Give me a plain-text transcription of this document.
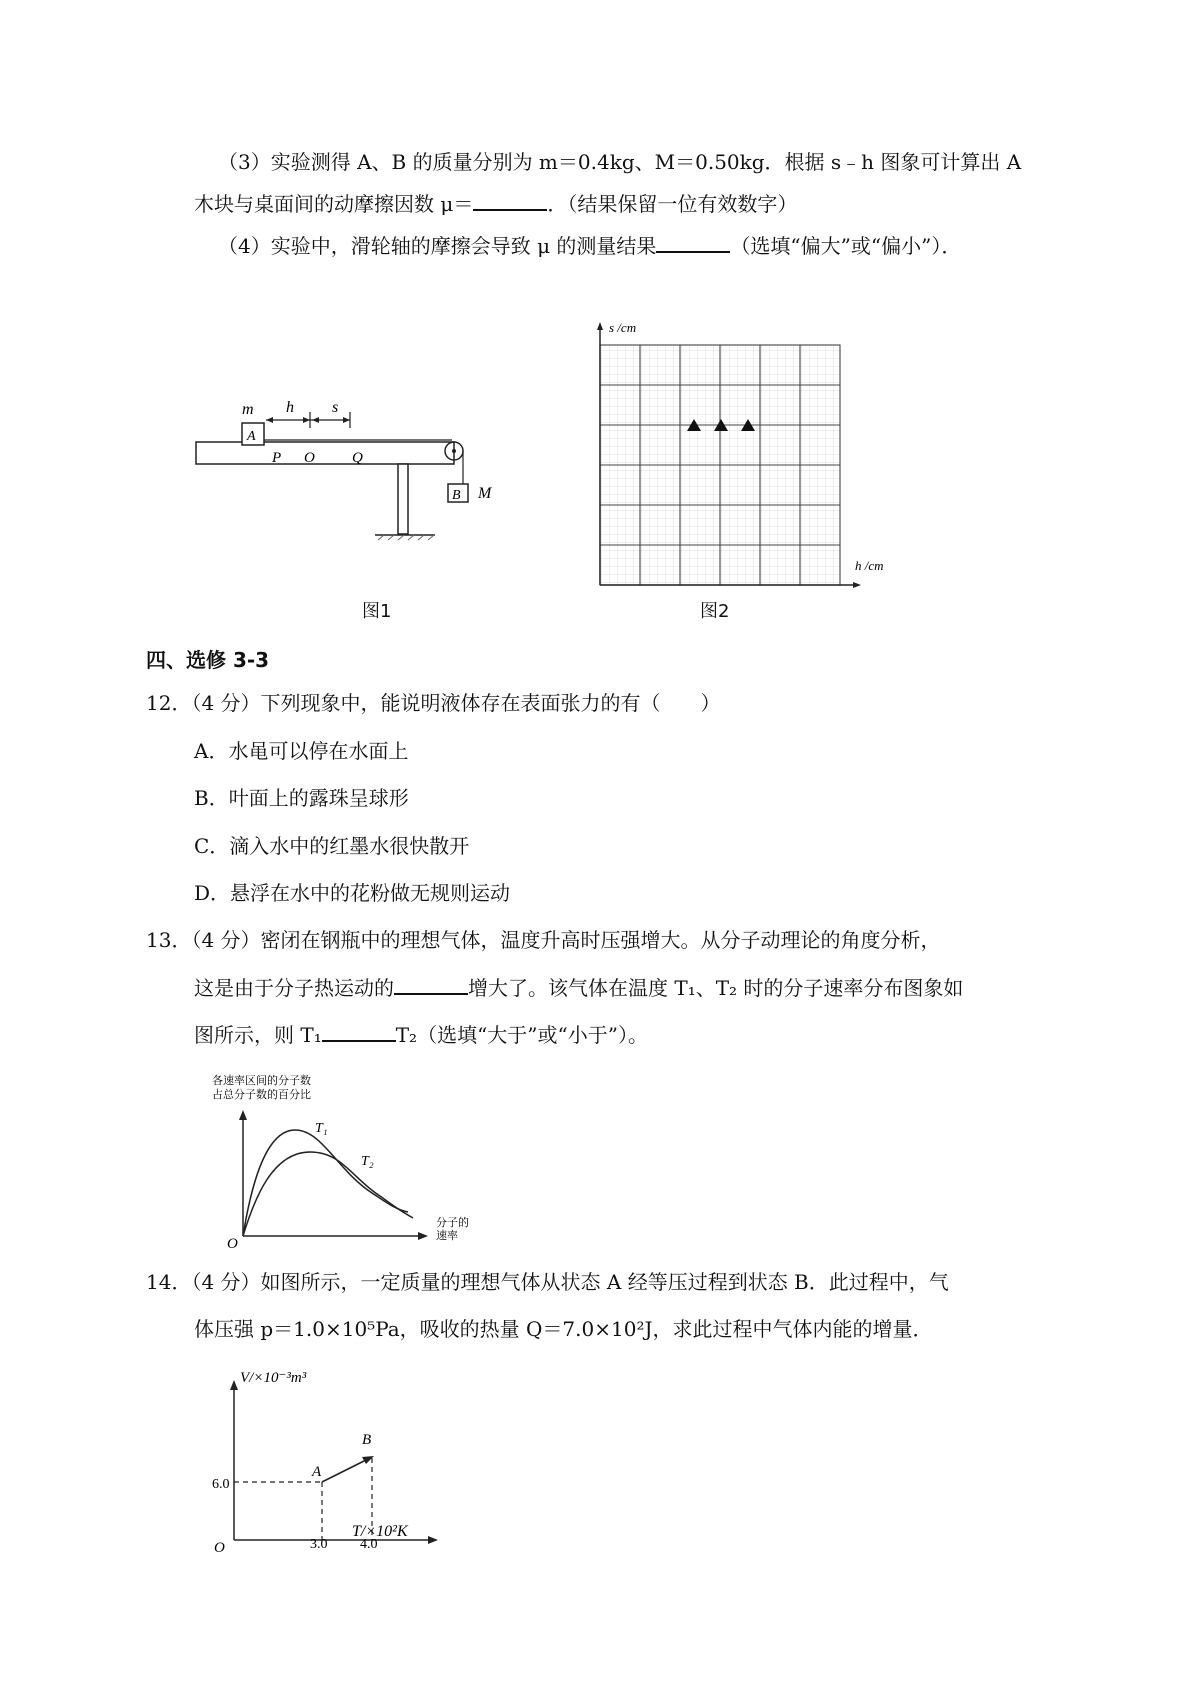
（3）实验测得 A、B 的质量分别为 m＝0.4kg、M＝0.50kg．根据 s﹣h 图象可计算出 A
木块与桌面间的动摩擦因数 μ＝	．（结果保留一位有效数字）
（4）实验中，滑轮轴的摩擦会导致 μ 的测量结果	（选填“偏大”或“偏小”）．
m h s
A
P O Q
B M
图1
s /cm
h /cm
图2
四、选修 3-3
12．（4 分）下列现象中，能说明液体存在表面张力的有（　　）
A．水黾可以停在水面上
B．叶面上的露珠呈球形
C．滴入水中的红墨水很快散开
D．悬浮在水中的花粉做无规则运动
13．（4 分）密闭在钢瓶中的理想气体，温度升高时压强增大。从分子动理论的角度分析，
这是由于分子热运动的	增大了。该气体在温度 T₁、T₂ 时的分子速率分布图象如
图所示，则 T₁	T₂（选填“大于”或“小于”）。
各速率区间的分子数
占总分子数的百分比
O
T₁
T₂
分子的
速率
14．（4 分）如图所示，一定质量的理想气体从状态 A 经等压过程到状态 B．此过程中，气
体压强 p＝1.0×10⁵Pa，吸收的热量 Q＝7.0×10²J，求此过程中气体内能的增量．
V/×10⁻³m³
T/×10²K
6.0
O	3.0 4.0
A
B
